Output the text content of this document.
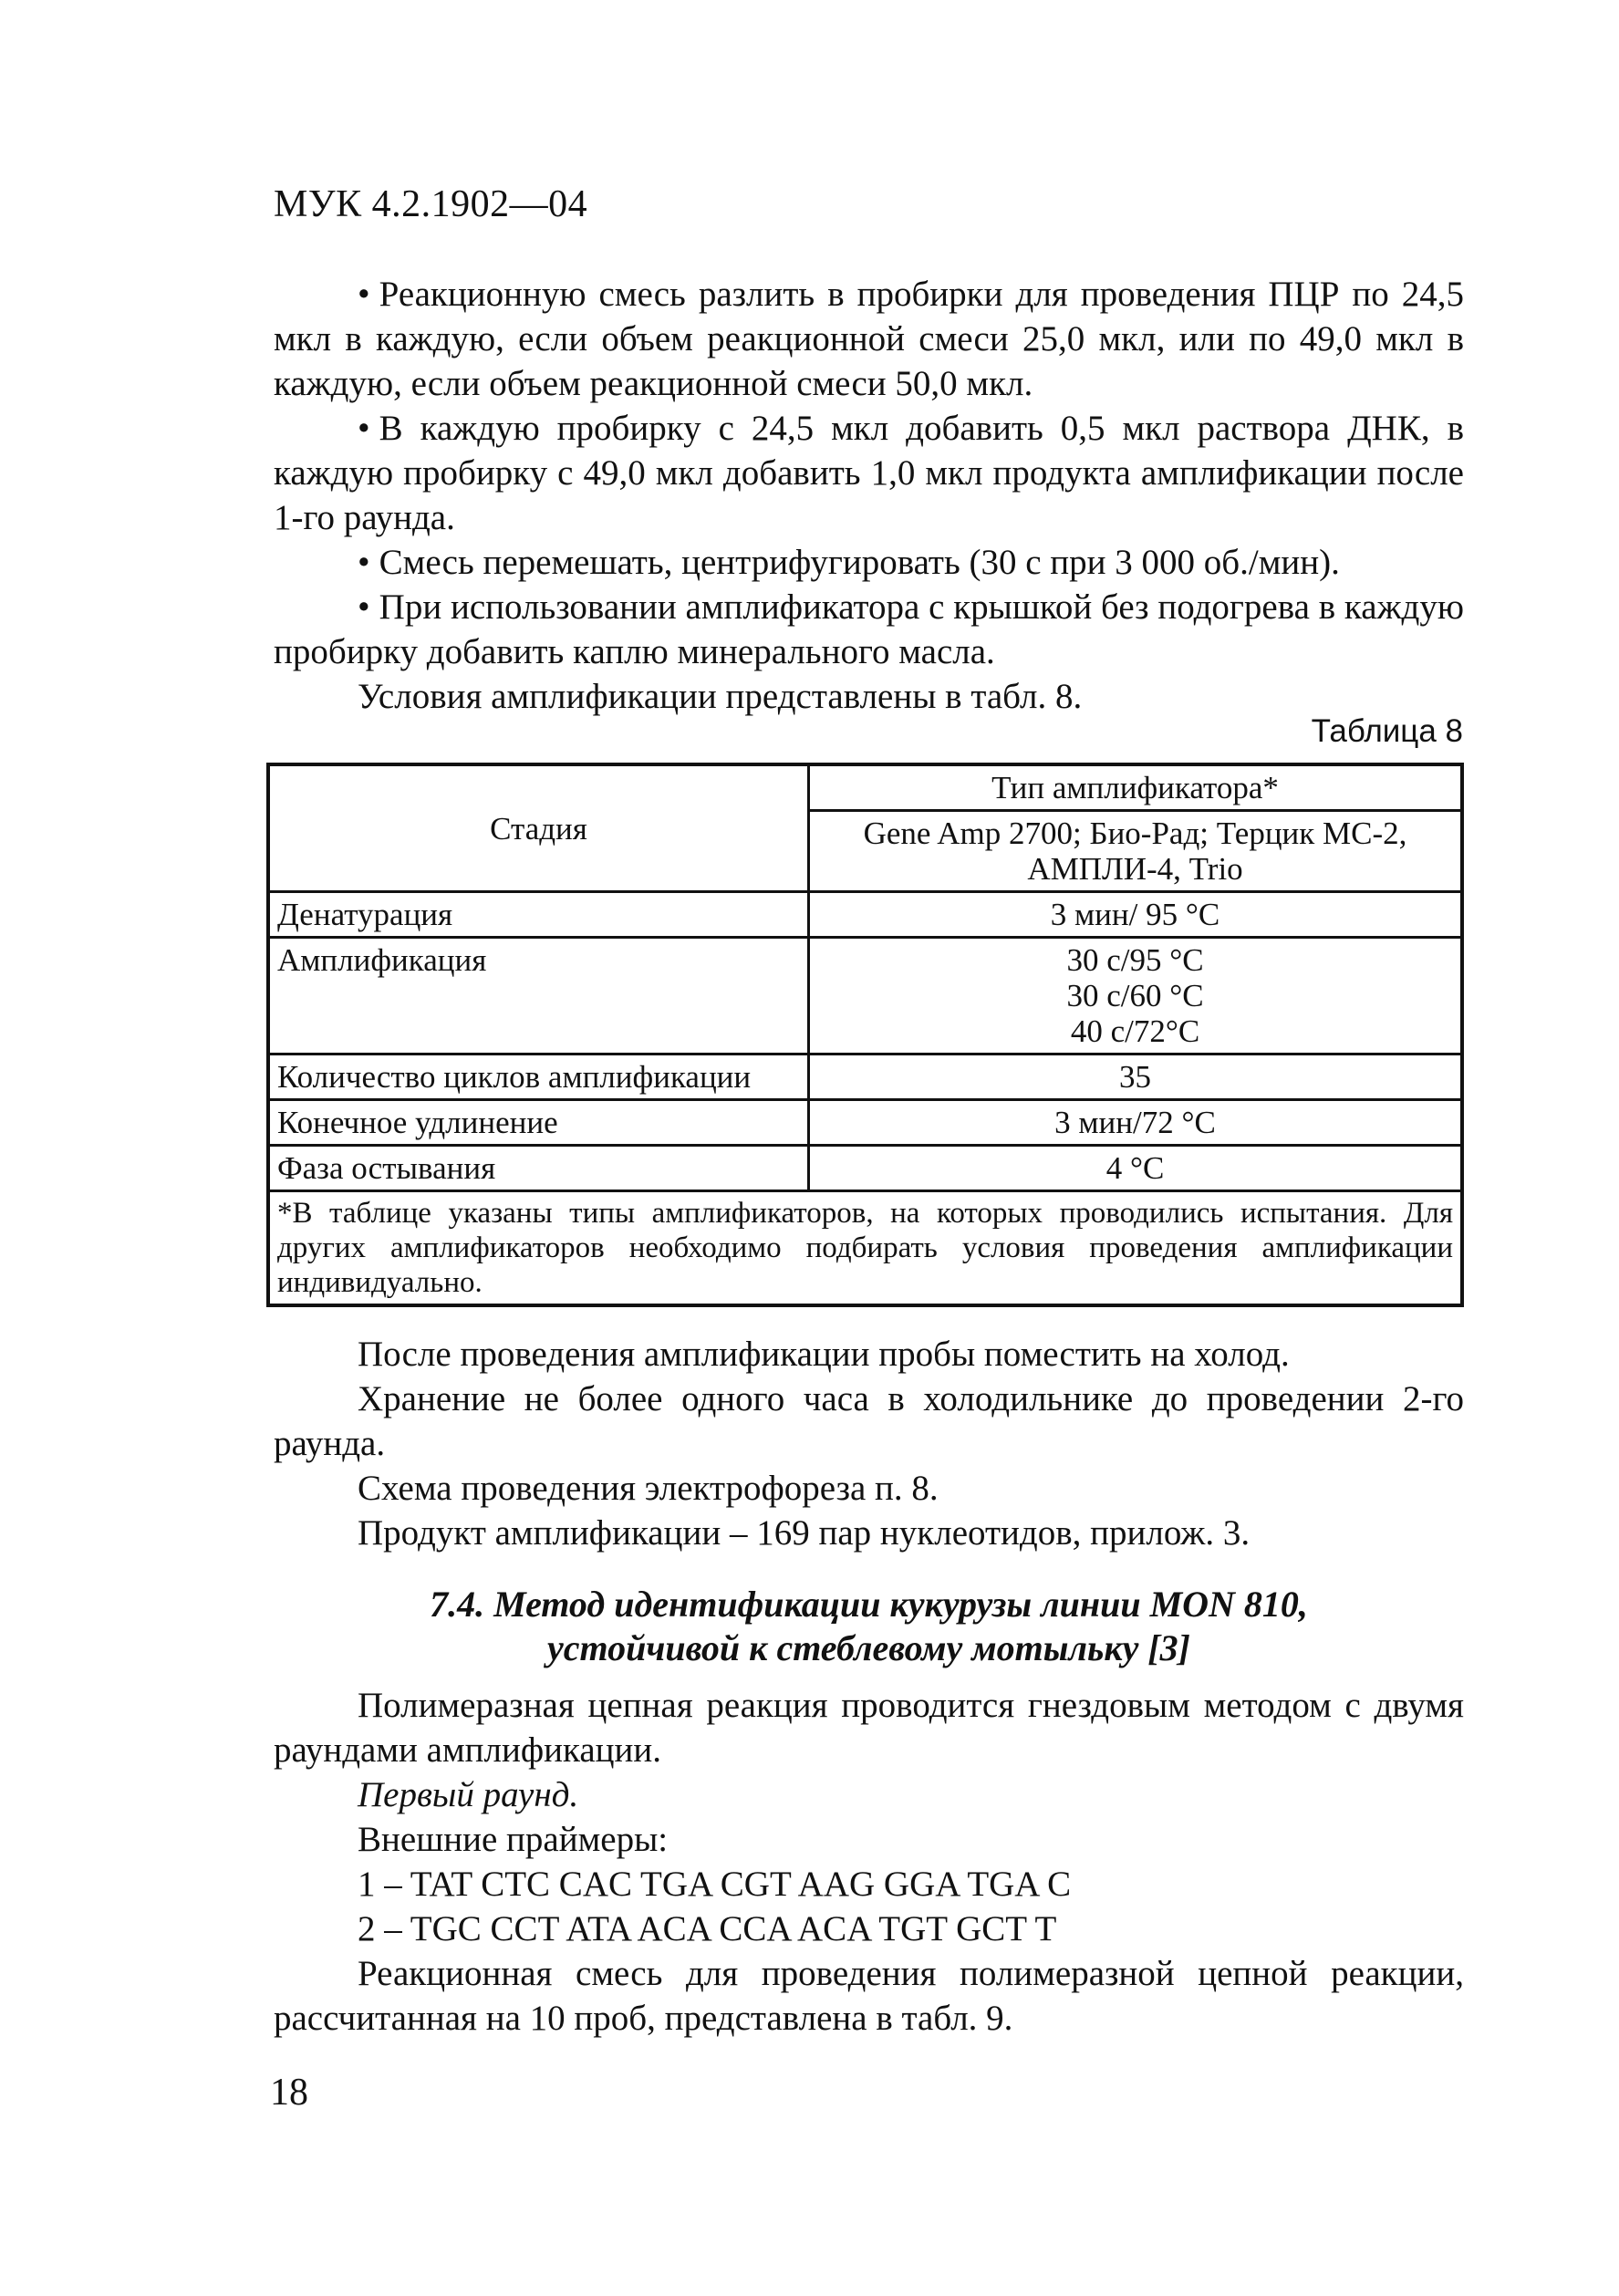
МУК 4.2.1902—04

• Реакционную смесь разлить в пробирки для проведения ПЦР по 24,5 мкл в каждую, если объем реакционной смеси 25,0 мкл, или по 49,0 мкл в каждую, если объем реакционной смеси 50,0 мкл.

• В каждую пробирку с 24,5 мкл добавить 0,5 мкл раствора ДНК, в каждую пробирку с 49,0 мкл добавить 1,0 мкл продукта амплификации после 1-го раунда.

• Смесь перемешать, центрифугировать (30 с при 3 000 об./мин).

• При использовании амплификатора с крышкой без подогрева в каждую пробирку добавить каплю минерального масла.

Условия амплификации представлены в табл. 8.

Таблица 8
Стадия	Тип амплификатора*
	Gene Amp 2700; Био-Рад; Терцик МС-2, АМПЛИ-4, Trio
Денатурация	3 мин/ 95 °С
Амплификация	30 с/95 °С
30 с/60 °С
40 с/72°С

Количество циклов амплификации	35
Конечное удлинение	3 мин/72 °С
Фаза остывания	4 °С
*В таблице указаны типы амплификаторов, на которых проводились испытания. Для других амплификаторов необходимо подбирать условия проведения амплификации индивидуально.	

После проведения амплификации пробы поместить на холод.

Хранение не более одного часа в холодильнике до проведении 2-го раунда.

Схема проведения электрофореза п. 8.

Продукт амплификации – 169 пар нуклеотидов, прилож. 3.

7.4. Метод идентификации кукурузы линии MON 810,
устойчивой к стеблевому мотыльку [3]

Полимеразная цепная реакция проводится гнездовым методом с двумя раундами амплификации.

Первый раунд.

Внешние праймеры:

1 – TAT CTC CAC TGA CGT AAG GGA TGA C

2 – TGC CCT ATA ACA CCA ACA TGT GCT T

Реакционная смесь для проведения полимеразной цепной реакции, рассчитанная на 10 проб, представлена в табл. 9.

18
